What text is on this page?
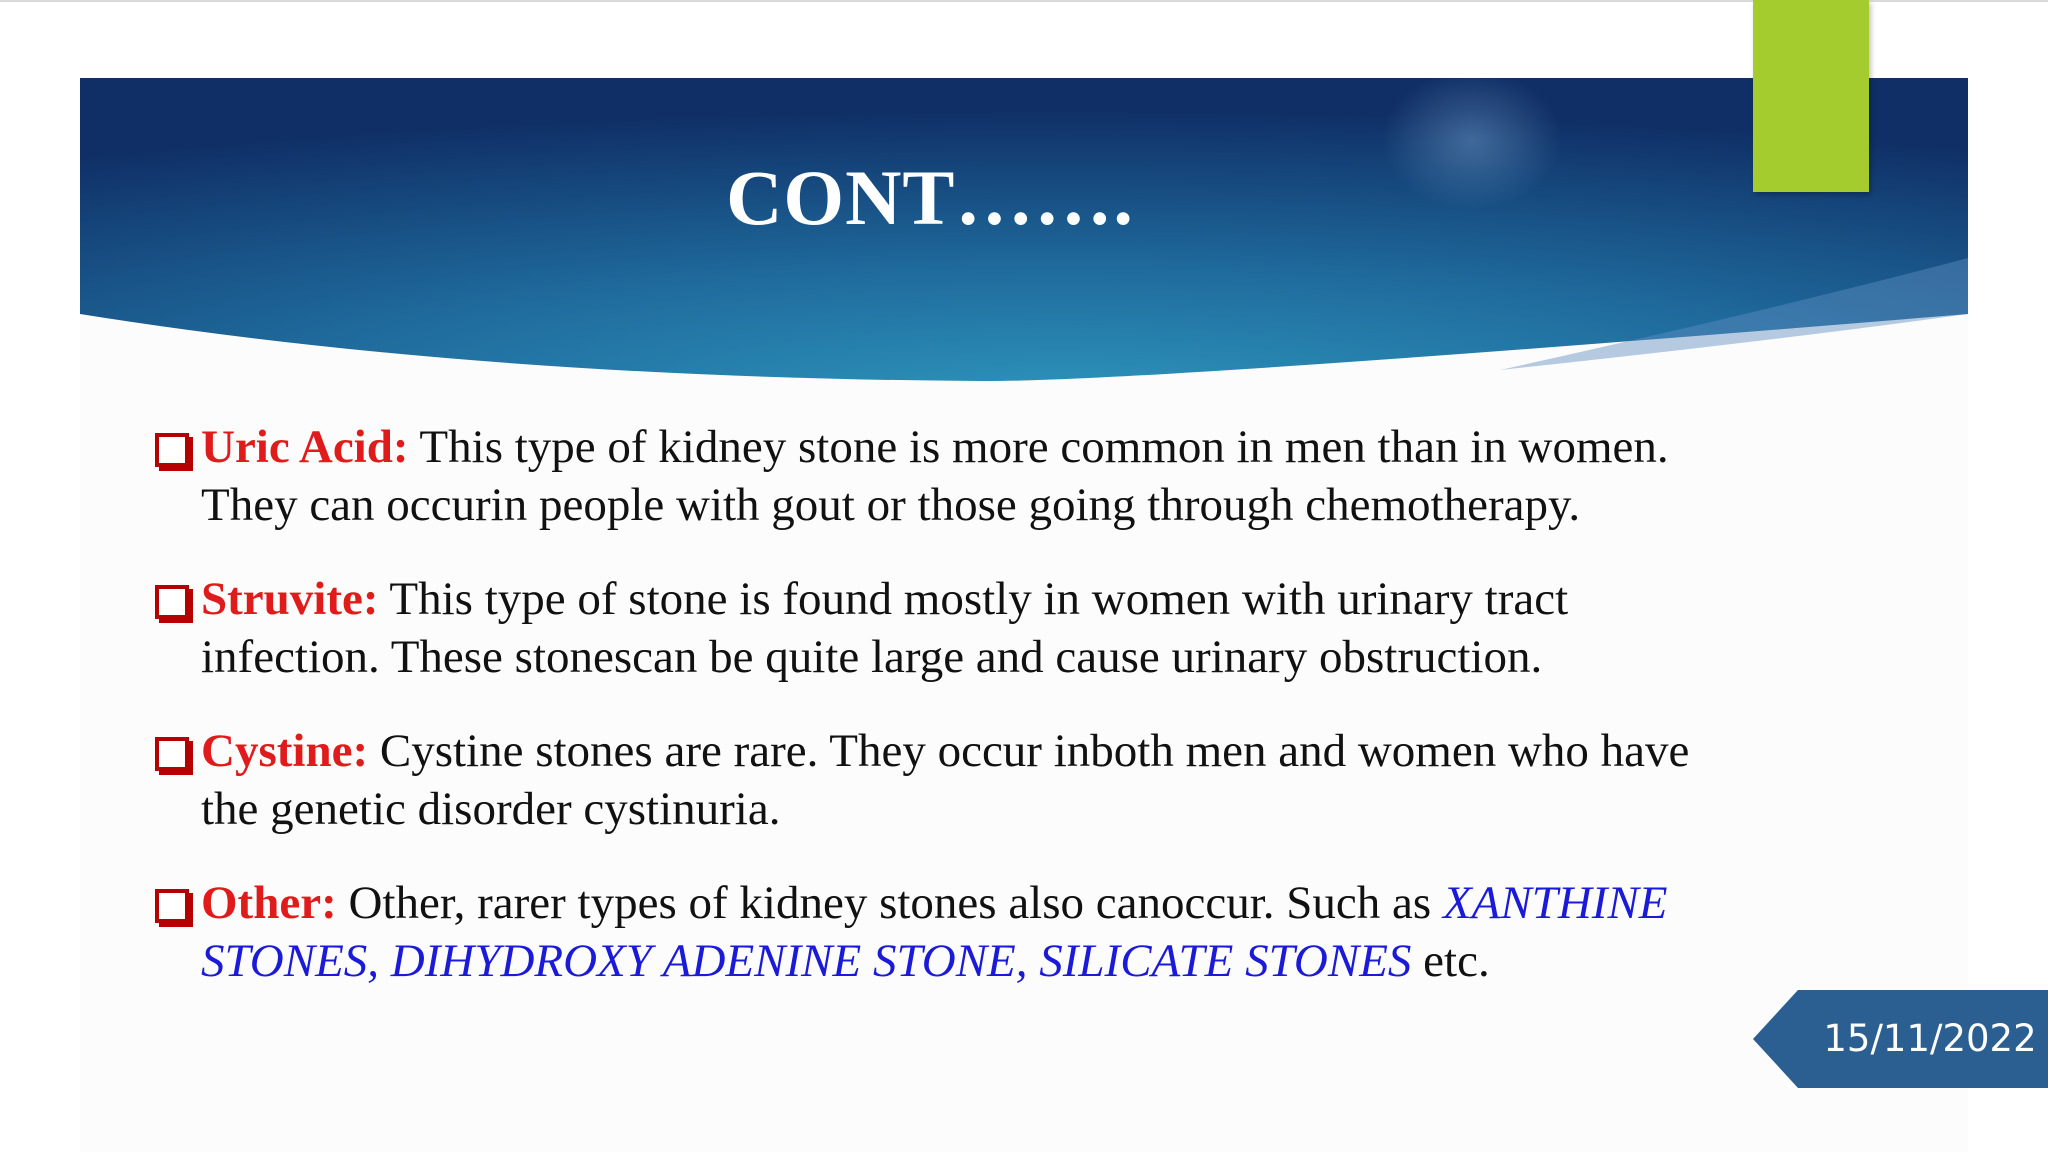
CONT…….
Uric Acid: This type of kidney stone is more common in men than in women. They can occurin people with gout or those going through chemotherapy.
Struvite: This type of stone is found mostly in women with urinary tract infection. These stonescan be quite large and cause urinary obstruction.
Cystine: Cystine stones are rare. They occur inboth men and women who have the genetic disorder cystinuria.
Other: Other, rarer types of kidney stones also canoccur. Such as XANTHINE STONES, DIHYDROXY ADENINE STONE, SILICATE STONES etc.
15/11/2022
